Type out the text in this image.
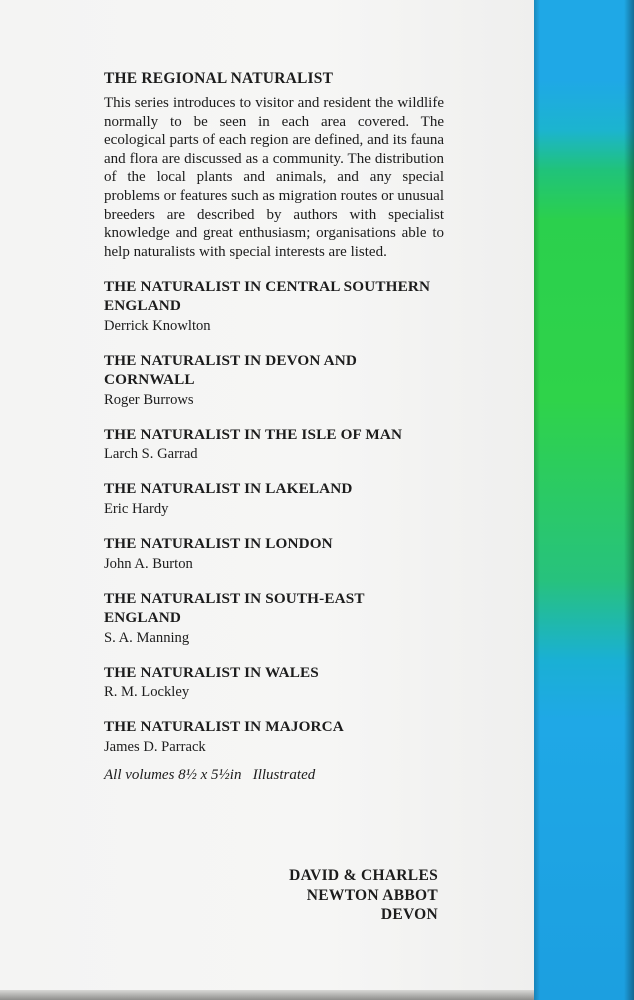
THE REGIONAL NATURALIST

This series introduces to visitor and resident the wildlife normally to be seen in each area covered. The ecological parts of each region are defined, and its fauna and flora are discussed as a community. The distribution of the local plants and animals, and any special problems or features such as migration routes or unusual breeders are described by authors with specialist knowledge and great enthusiasm; organisations able to help naturalists with special interests are listed.

THE NATURALIST IN CENTRAL SOUTHERN ENGLAND
Derrick Knowlton
THE NATURALIST IN DEVON AND CORNWALL
Roger Burrows
THE NATURALIST IN THE ISLE OF MAN
Larch S. Garrad
THE NATURALIST IN LAKELAND
Eric Hardy
THE NATURALIST IN LONDON
John A. Burton
THE NATURALIST IN SOUTH-EAST ENGLAND
S. A. Manning
THE NATURALIST IN WALES
R. M. Lockley
THE NATURALIST IN MAJORCA
James D. Parrack
All volumes 8½ x 5½in   Illustrated
DAVID & CHARLES
NEWTON ABBOT
DEVON
